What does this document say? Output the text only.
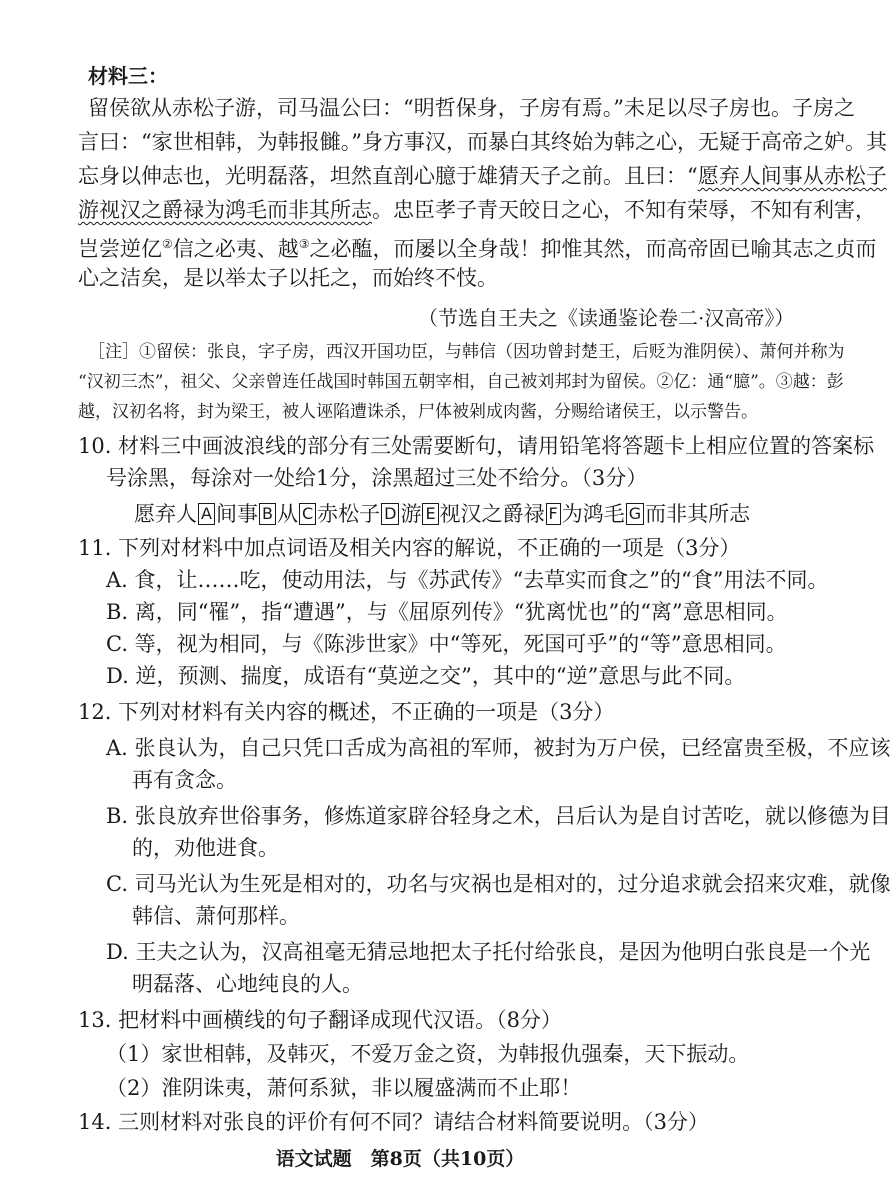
材料三：
留侯欲从赤松子游，司马温公曰：“明哲保身，子房有焉。”未足以尽子房也。子房之
言曰：“家世相韩，为韩报雠。”身方事汉，而暴白其终始为韩之心，无疑于高帝之妒。其
忘身以伸志也，光明磊落，坦然直剖心臆于雄猜天子之前。且曰：“愿弃人间事从赤松子
游视汉之爵禄为鸿毛而非其所志。忠臣孝子青天皎日之心，不知有荣辱，不知有利害，
岂尝逆亿②信之必夷、越③之必醢，而屡以全身哉！抑惟其然，而高帝固已喻其志之贞而
心之洁矣，是以举太子以托之，而始终不忮。
（节选自王夫之《读通鉴论卷二·汉高帝》）
［注］①留侯：张良，字子房，西汉开国功臣，与韩信（因功曾封楚王，后贬为淮阴侯）、萧何并称为
“汉初三杰”，祖父、父亲曾连任战国时韩国五朝宰相，自己被刘邦封为留侯。②亿：通“臆”。③越：彭
越，汉初名将，封为梁王，被人诬陷遭诛杀，尸体被剁成肉酱，分赐给诸侯王，以示警告。
10. 材料三中画波浪线的部分有三处需要断句，请用铅笔将答题卡上相应位置的答案标
号涂黑，每涂对一处给1分，涂黑超过三处不给分。（3分）
愿弃人 A 间事 B 从 C 赤松子 D 游 E 视汉之爵禄 F 为鸿毛 G 而非其所志
11. 下列对材料中加点词语及相关内容的解说，不正确的一项是（3分）
A. 食，让……吃，使动用法，与《苏武传》“去草实而食之”的“食”用法不同。
B. 离，同“罹”，指“遭遇”，与《屈原列传》“犹离忧也”的“离”意思相同。
C. 等，视为相同，与《陈涉世家》中“等死，死国可乎”的“等”意思相同。
D. 逆，预测、揣度，成语有“莫逆之交”，其中的“逆”意思与此不同。
12. 下列对材料有关内容的概述，不正确的一项是（3分）
A. 张良认为，自己只凭口舌成为高祖的军师，被封为万户侯，已经富贵至极，不应该
再有贪念。
B. 张良放弃世俗事务，修炼道家辟谷轻身之术，吕后认为是自讨苦吃，就以修德为目
的，劝他进食。
C. 司马光认为生死是相对的，功名与灾祸也是相对的，过分追求就会招来灾难，就像
韩信、萧何那样。
D. 王夫之认为，汉高祖毫无猜忌地把太子托付给张良，是因为他明白张良是一个光
明磊落、心地纯良的人。
13. 把材料中画横线的句子翻译成现代汉语。（8分）
（1）家世相韩，及韩灭，不爱万金之资，为韩报仇强秦，天下振动。
（2）淮阴诛夷，萧何系狱，非以履盛满而不止耶！
14. 三则材料对张良的评价有何不同？请结合材料简要说明。（3分）
语文试题　第8页（共10页）
